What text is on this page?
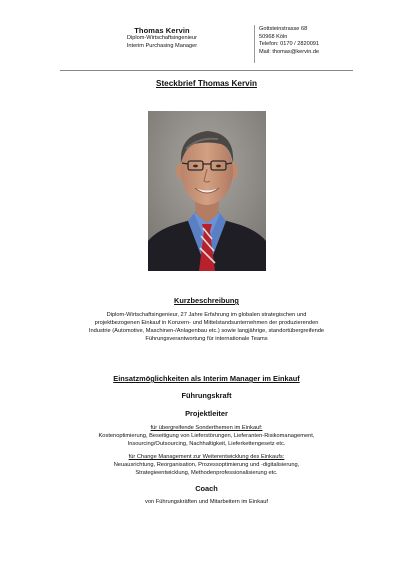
Thomas Kervin
Diplom-Wirtschaftsingenieur
Interim Purchasing Manager
Gottsteinstrasse 68
50968 Köln
Telefon: 0170 / 2820091
Mail: thomas@kervin.de
Steckbrief Thomas Kervin
Kurzbeschreibung
Diplom-Wirtschaftsingenieur, 27 Jahre Erfahrung im globalen strategischen und
projektbezogenen Einkauf in Konzern- und Mittelstandsunternehmen der produzierenden
Industrie (Automotive, Maschinen-/Anlagenbau etc.) sowie langjährige, standortübergreifende
Führungsverantwortung für internationale Teams
Einsatzmöglichkeiten als Interim Manager im Einkauf
Führungskraft
Projektleiter
für übergreifende Sonderthemen im Einkauf:
Kostenoptimierung, Beseitigung von Lieferstörungen, Lieferanten-Risikomanagement,
Insourcing/Outsourcing, Nachhaltigkeit, Lieferkettengesetz etc.
für Change Management zur Weiterentwicklung des Einkaufs:
Neuausrichtung, Reorganisation, Prozessoptimierung und -digitalisierung,
Strategieentwicklung, Methodenprofessionalisierung etc.
Coach
von Führungskräften und Mitarbeitern im Einkauf
